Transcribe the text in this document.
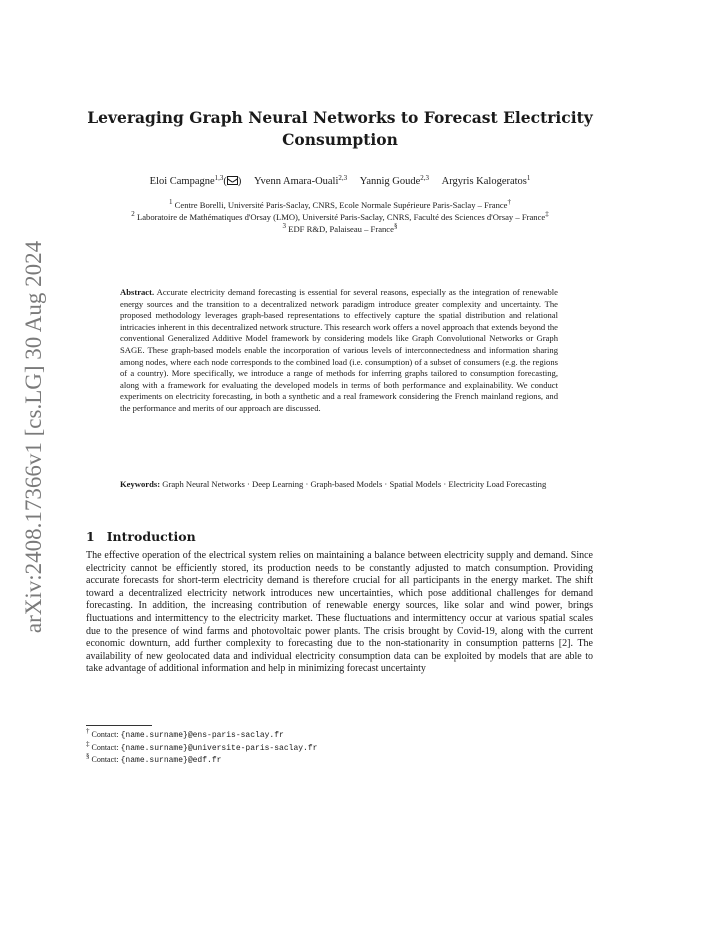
arXiv:2408.17366v1 [cs.LG] 30 Aug 2024
Leveraging Graph Neural Networks to Forecast Electricity
Consumption
Eloi Campagne$^{1,3}$( ) Yvenn Amara-Ouali$^{2,3}$ Yannig Goude$^{2,3}$ Argyris Kalogeratos$^1$
$^1$ Centre Borelli, Université Paris-Saclay, CNRS, Ecole Normale Supérieure Paris-Saclay – France†
$^2$ Laboratoire de Mathématiques d'Orsay (LMO), Université Paris-Saclay, CNRS, Faculté des Sciences d'Orsay – France‡
$^3$ EDF R&D, Palaiseau – France§
Abstract. Accurate electricity demand forecasting is essential for several reasons, especially as the integration of renewable energy sources and the transition to a decentralized network paradigm introduce greater complexity and uncertainty. The proposed methodology leverages graph-based representations to effectively capture the spatial distribution and relational intricacies inherent in this decentralized network structure. This research work offers a novel approach that extends beyond the conventional Generalized Additive Model framework by considering models like Graph Convolutional Networks or Graph SAGE. These graph-based models enable the incorporation of various levels of interconnectedness and information sharing among nodes, where each node corresponds to the combined load (i.e. consumption) of a subset of consumers (e.g. the regions of a country). More specifically, we introduce a range of methods for inferring graphs tailored to consumption forecasting, along with a framework for evaluating the developed models in terms of both performance and explainability. We conduct experiments on electricity forecasting, in both a synthetic and a real framework considering the French mainland regions, and the performance and merits of our approach are discussed.
Keywords: Graph Neural Networks · Deep Learning · Graph-based Models · Spatial Models · Electricity Load Forecasting
1 Introduction
The effective operation of the electrical system relies on maintaining a balance between electricity supply and demand. Since electricity cannot be efficiently stored, its production needs to be constantly adjusted to match consumption. Providing accurate forecasts for short-term electricity demand is therefore crucial for all participants in the energy market. The shift toward a decentralized electricity network introduces new uncertainties, which pose additional challenges for demand forecasting. In addition, the increasing contribution of renewable energy sources, like solar and wind power, brings fluctuations and intermittency to the electricity market. These fluctuations and intermittency occur at various spatial scales due to the presence of wind farms and photovoltaic power plants. The crisis brought by Covid-19, along with the current economic downturn, add further complexity to forecasting due to the non-stationarity in consumption patterns [2]. The availability of new geolocated data and individual electricity consumption data can be exploited by models that are able to take advantage of additional information and help in minimizing forecast uncertainty
† Contact: {name.surname}@ens-paris-saclay.fr
‡ Contact: {name.surname}@universite-paris-saclay.fr
§ Contact: {name.surname}@edf.fr
